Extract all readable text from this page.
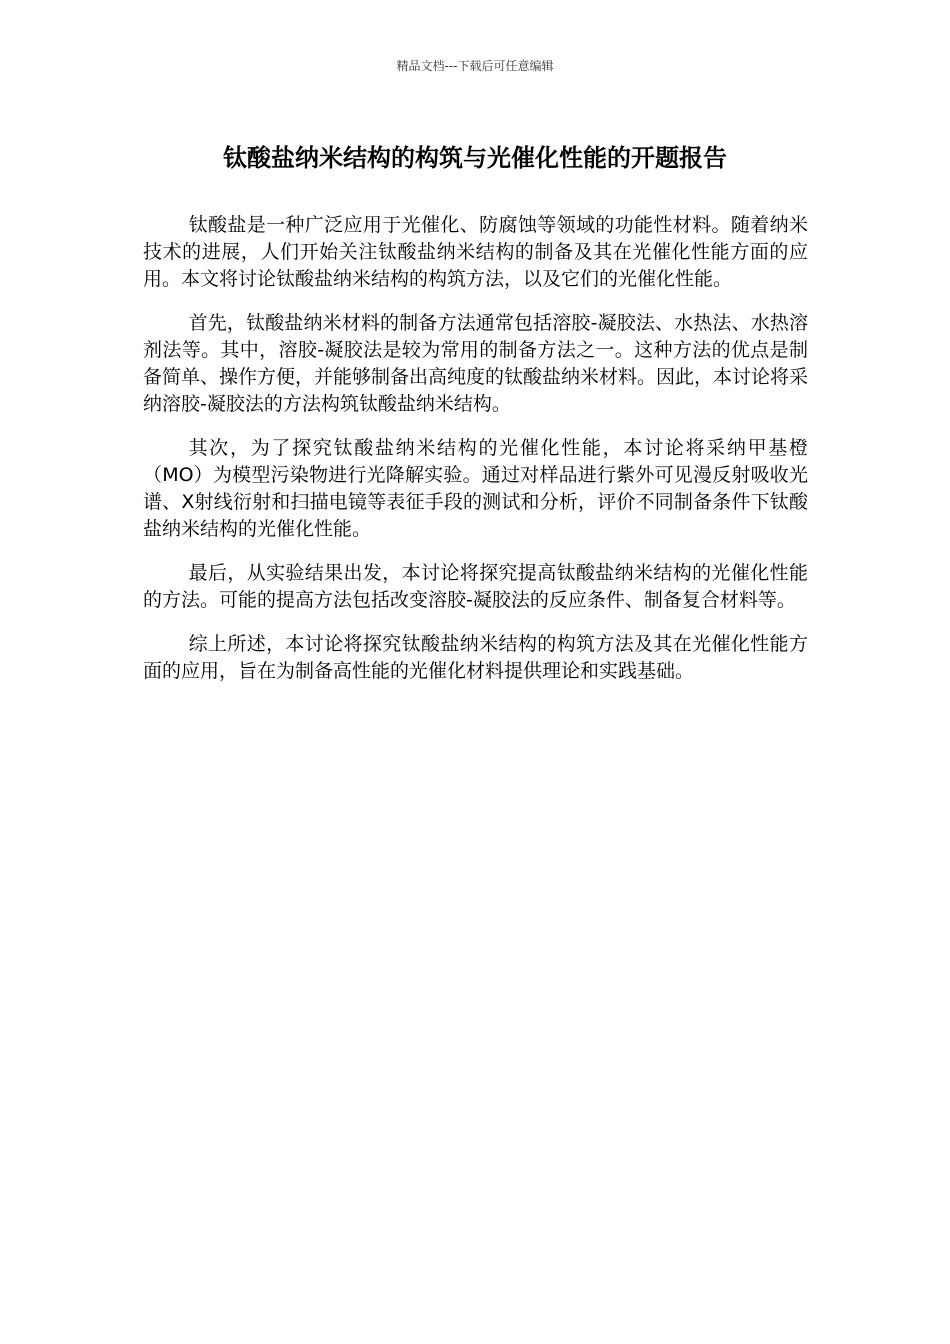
精品文档---下载后可任意编辑
钛酸盐纳米结构的构筑与光催化性能的开题报告

钛酸盐是一种广泛应用于光催化、防腐蚀等领域的功能性材料。随着纳米技术的进展，人们开始关注钛酸盐纳米结构的制备及其在光催化性能方面的应用。本文将讨论钛酸盐纳米结构的构筑方法，以及它们的光催化性能。

首先，钛酸盐纳米材料的制备方法通常包括溶胶-凝胶法、水热法、水热溶剂法等。其中，溶胶-凝胶法是较为常用的制备方法之一。这种方法的优点是制备简单、操作方便，并能够制备出高纯度的钛酸盐纳米材料。因此，本讨论将采纳溶胶-凝胶法的方法构筑钛酸盐纳米结构。

其次，为了探究钛酸盐纳米结构的光催化性能，本讨论将采纳甲基橙（MO）为模型污染物进行光降解实验。通过对样品进行紫外可见漫反射吸收光谱、X射线衍射和扫描电镜等表征手段的测试和分析，评价不同制备条件下钛酸盐纳米结构的光催化性能。

最后，从实验结果出发，本讨论将探究提高钛酸盐纳米结构的光催化性能的方法。可能的提高方法包括改变溶胶-凝胶法的反应条件、制备复合材料等。

综上所述，本讨论将探究钛酸盐纳米结构的构筑方法及其在光催化性能方面的应用，旨在为制备高性能的光催化材料提供理论和实践基础。
